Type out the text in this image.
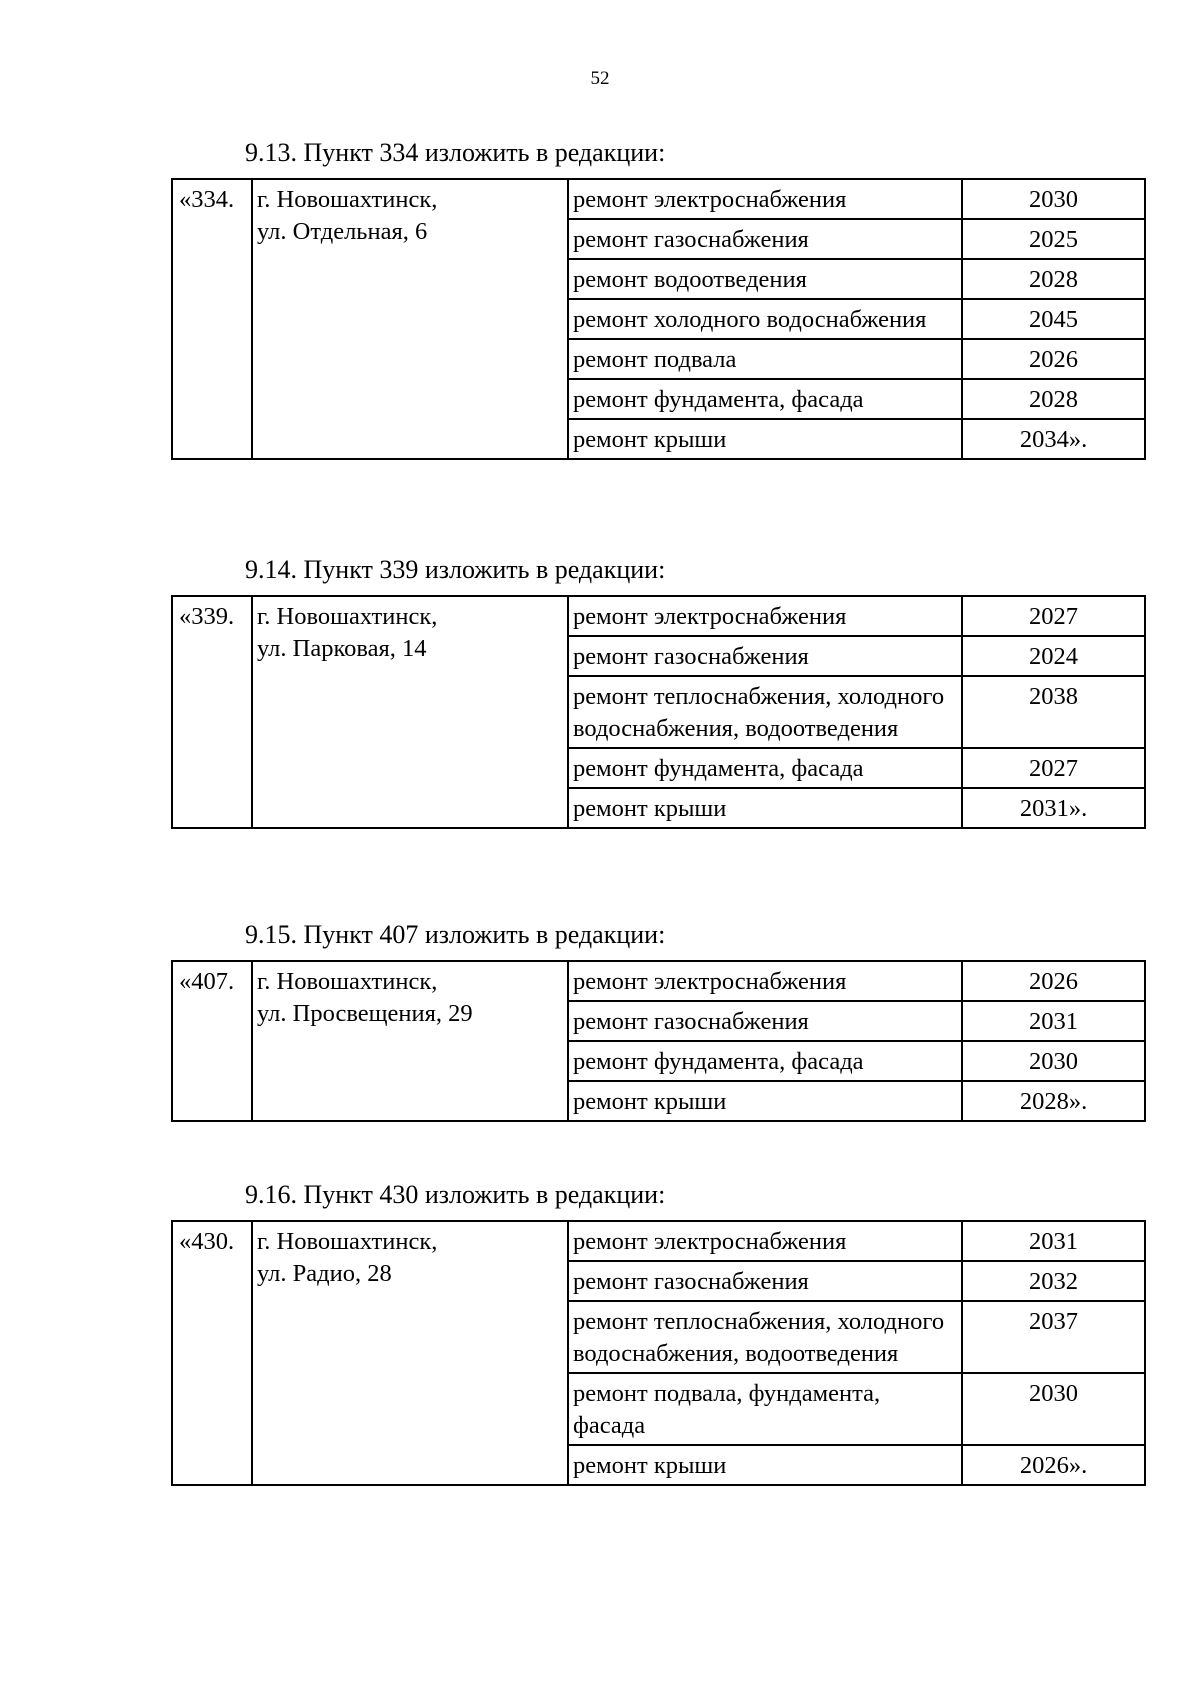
52
9.13. Пункт 334 изложить в редакции:
«334.	г. Новошахтинск,
ул. Отдельная, 6	ремонт электроснабжения	2030
		ремонт газоснабжения	2025
		ремонт водоотведения	2028
		ремонт холодного водоснабжения	2045
		ремонт подвала	2026
		ремонт фундамента, фасада	2028
		ремонт крыши	2034».
9.14. Пункт 339 изложить в редакции:
«339.	г. Новошахтинск,
ул. Парковая, 14	ремонт электроснабжения	2027
		ремонт газоснабжения	2024
		ремонт теплоснабжения, холодного водоснабжения, водоотведения	2038
		ремонт фундамента, фасада	2027
		ремонт крыши	2031».
9.15. Пункт 407 изложить в редакции:
«407.	г. Новошахтинск,
ул. Просвещения, 29	ремонт электроснабжения	2026
		ремонт газоснабжения	2031
		ремонт фундамента, фасада	2030
		ремонт крыши	2028».
9.16. Пункт 430 изложить в редакции:
«430.	г. Новошахтинск,
ул. Радио, 28	ремонт электроснабжения	2031
		ремонт газоснабжения	2032
		ремонт теплоснабжения, холодного водоснабжения, водоотведения	2037
		ремонт подвала, фундамента, фасада	2030
		ремонт крыши	2026».
